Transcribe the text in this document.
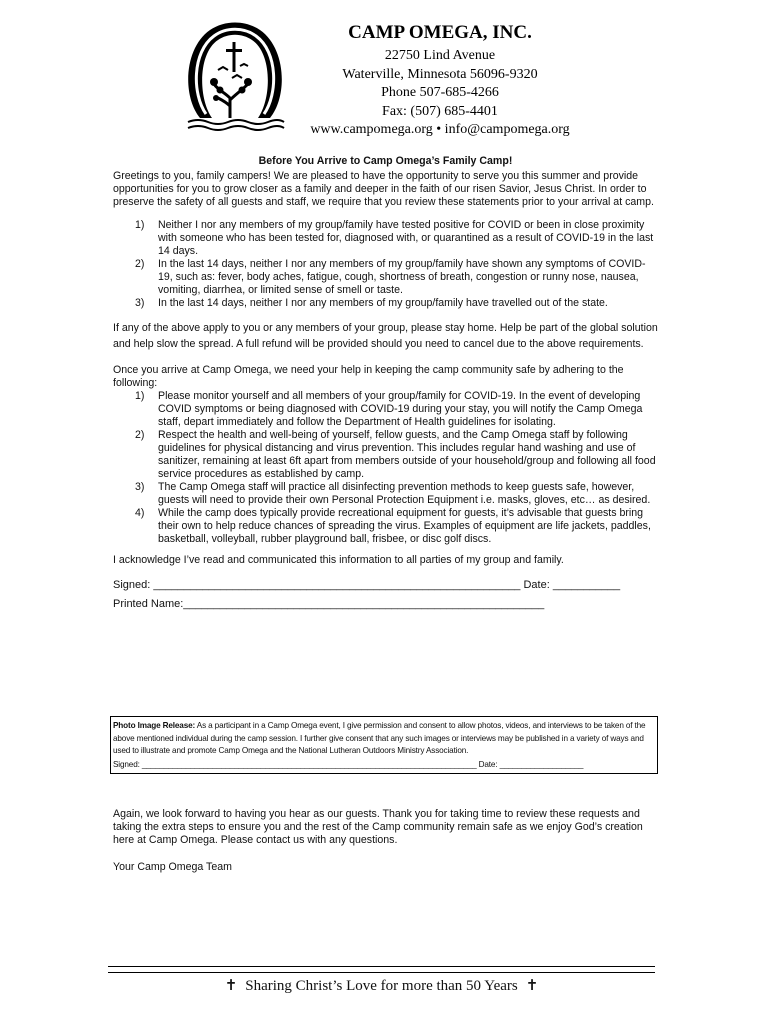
CAMP OMEGA, INC.
22750 Lind Avenue
Waterville, Minnesota 56096-9320
Phone 507-685-4266
Fax: (507) 685-4401
www.campomega.org • info@campomega.org
Before You Arrive to Camp Omega’s Family Camp!

Greetings to you, family campers! We are pleased to have the opportunity to serve you this summer and provide opportunities for you to grow closer as a family and deeper in the faith of our risen Savior, Jesus Christ. In order to preserve the safety of all guests and staff, we require that you review these statements prior to your arrival at camp.

1) Neither I nor any members of my group/family have tested positive for COVID or been in close proximity with someone who has been tested for, diagnosed with, or quarantined as a result of COVID-19 in the last 14 days.
2) In the last 14 days, neither I nor any members of my group/family have shown any symptoms of COVID-19, such as: fever, body aches, fatigue, cough, shortness of breath, congestion or runny nose, nausea, vomiting, diarrhea, or limited sense of smell or taste.
3) In the last 14 days, neither I nor any members of my group/family have travelled out of the state.

If any of the above apply to you or any members of your group, please stay home. Help be part of the global solution and help slow the spread. A full refund will be provided should you need to cancel due to the above requirements.

Once you arrive at Camp Omega, we need your help in keeping the camp community safe by adhering to the following:

1) Please monitor yourself and all members of your group/family for COVID-19. In the event of developing COVID symptoms or being diagnosed with COVID-19 during your stay, you will notify the Camp Omega staff, depart immediately and follow the Department of Health guidelines for isolating.
2) Respect the health and well-being of yourself, fellow guests, and the Camp Omega staff by following guidelines for physical distancing and virus prevention. This includes regular hand washing and use of sanitizer, remaining at least 6ft apart from members outside of your household/group and following all food service procedures as established by camp.
3) The Camp Omega staff will practice all disinfecting prevention methods to keep guests safe, however, guests will need to provide their own Personal Protection Equipment i.e. masks, gloves, etc… as desired.
4) While the camp does typically provide recreational equipment for guests, it’s advisable that guests bring their own to help reduce chances of spreading the virus. Examples of equipment are life jackets, paddles, basketball, volleyball, rubber playground ball, frisbee, or disc golf discs.

I acknowledge I’ve read and communicated this information to all parties of my group and family.

Signed: ____________________________________________________________ Date: ___________

Printed Name:___________________________________________________________

Photo Image Release: As a participant in a Camp Omega event, I give permission and consent to allow photos, videos, and interviews to be taken of the above mentioned individual during the camp session. I further give consent that any such images or interviews may be published in a variety of ways and used to illustrate and promote Camp Omega and the National Lutheran Outdoors Ministry Association.
Signed: ____________________________________________________________________________ Date: ___________________

Again, we look forward to having you hear as our guests. Thank you for taking time to review these requests and taking the extra steps to ensure you and the rest of the Camp community remain safe as we enjoy God’s creation here at Camp Omega. Please contact us with any questions.

Your Camp Omega Team

✝ Sharing Christ’s Love for more than 50 Years ✝
